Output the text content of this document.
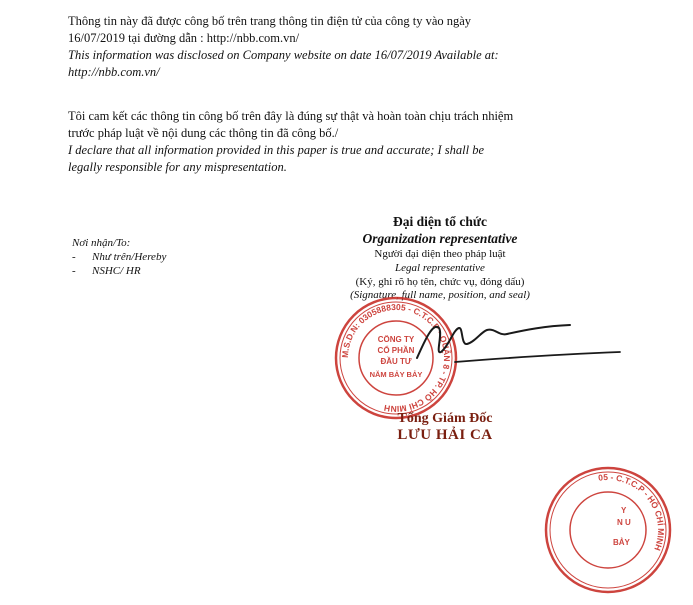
Thông tin này đã được công bố trên trang thông tin điện tử của công ty vào ngày
16/07/2019 tại đường dẫn : http://nbb.com.vn/
This information was disclosed on Company website on date 16/07/2019 Available at:
http://nbb.com.vn/
Tôi cam kết các thông tin công bố trên đây là đúng sự thật và hoàn toàn chịu trách nhiệm
trước pháp luật về nội dung các thông tin đã công bố./
I declare that all information provided in this paper is true and accurate; I shall be
legally responsible for any mispresentation.
Nơi nhận/To:
- Như trên/Hereby
- NSHC/ HR
Đại diện tổ chức
Organization representative
Người đại diện theo pháp luật
Legal representative
(Ký, ghi rõ họ tên, chức vụ, đóng dấu)
(Signature, full name, position, and seal)
M.S.D.N: 0305888305 - C.T.C.P - QUẬN 8 - TP. HỒ CHÍ MINH
CÔNG TY
CỔ PHẦN
ĐẦU TƯ
NĂM BẢY BẢY
Tổng Giám Đốc
LƯU HẢI CA
05 - C.T.C.P - HỒ CHÍ MINH
Y
N U
BẢY
